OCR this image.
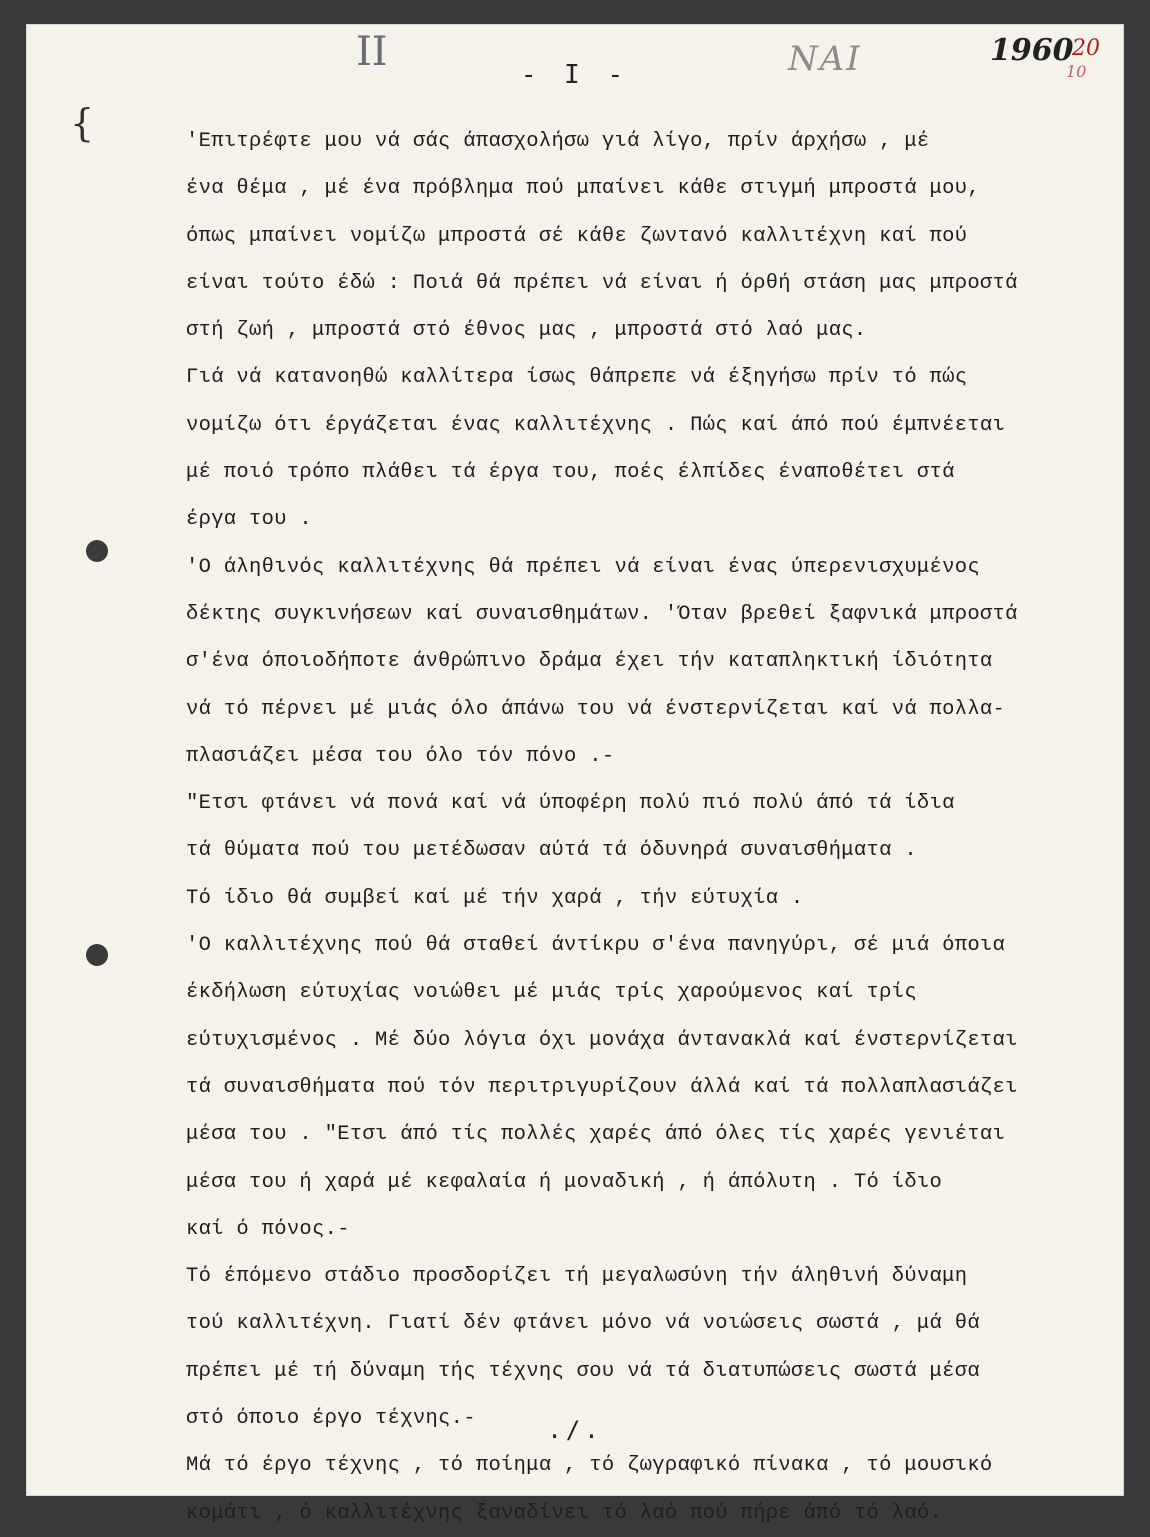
II	NAI	1960
20
10
{
- I -
'Επιτρέφτε μου νά σάς άπασχολήσω γιά λίγο, πρίν άρχήσω , μέ
ένα θέμα , μέ ένα πρόβλημα πού μπαίνει κάθε στιγμή μπροστά μου,
όπως μπαίνει νομίζω μπροστά σέ κάθε ζωντανό καλλιτέχνη καί πού
είναι τούτο έδώ : Ποιά θά πρέπει νά είναι ή όρθή στάση μας μπροστά
στή ζωή , μπροστά στό έθνος μας , μπροστά στό λαό μας.
Γιά νά κατανοηθώ καλλίτερα ίσως θάπρεπε νά έξηγήσω πρίν τό πώς
νομίζω ότι έργάζεται ένας καλλιτέχνης . Πώς καί άπό πού έμπνέεται
μέ ποιό τρόπο πλάθει τά έργα του, ποές έλπίδες έναποθέτει στά
έργα του .
'Ο άληθινός καλλιτέχνης θά πρέπει νά είναι ένας ύπερενισχυμένος
δέκτης συγκινήσεων καί συναισθημάτων. 'Όταν βρεθεί ξαφνικά μπροστά
σ'ένα όποιοδήποτε άνθρώπινο δράμα έχει τήν καταπληκτική ίδιότητα
νά τό πέρνει μέ μιάς όλο άπάνω του νά ένστερνίζεται καί νά πολλα-
πλασιάζει μέσα του όλο τόν πόνο .-
"Ετσι φτάνει νά πονά καί νά ύποφέρη πολύ πιό πολύ άπό τά ίδια
τά θύματα πού του μετέδωσαν αύτά τά όδυνηρά συναισθήματα .
Τό ίδιο θά συμβεί καί μέ τήν χαρά , τήν εύτυχία .
'Ο καλλιτέχνης πού θά σταθεί άντίκρυ σ'ένα πανηγύρι, σέ μιά όποια
έκδήλωση εύτυχίας νοιώθει μέ μιάς τρίς χαρούμενος καί τρίς
εύτυχισμένος . Μέ δύο λόγια όχι μονάχα άντανακλά καί ένστερνίζεται
τά συναισθήματα πού τόν περιτριγυρίζουν άλλά καί τά πολλαπλασιάζει
μέσα του . "Ετσι άπό τίς πολλές χαρές άπό όλες τίς χαρές γενιέται
μέσα του ή χαρά μέ κεφαλαία ή μοναδική , ή άπόλυτη . Τό ίδιο
καί ό πόνος.-
Τό έπόμενο στάδιο προσδορίζει τή μεγαλωσύνη τήν άληθινή δύναμη
τού καλλιτέχνη. Γιατί δέν φτάνει μόνο νά νοιώσεις σωστά , μά θά
πρέπει μέ τή δύναμη τής τέχνης σου νά τά διατυπώσεις σωστά μέσα
στό όποιο έργο τέχνης.-
Μά τό έργο τέχνης , τό ποίημα , τό ζωγραφικό πίνακα , τό μουσικό
κομάτι , ό καλλιτέχνης ξαναδίνει τό λαό πού πήρε άπό τό λαό.
./.
